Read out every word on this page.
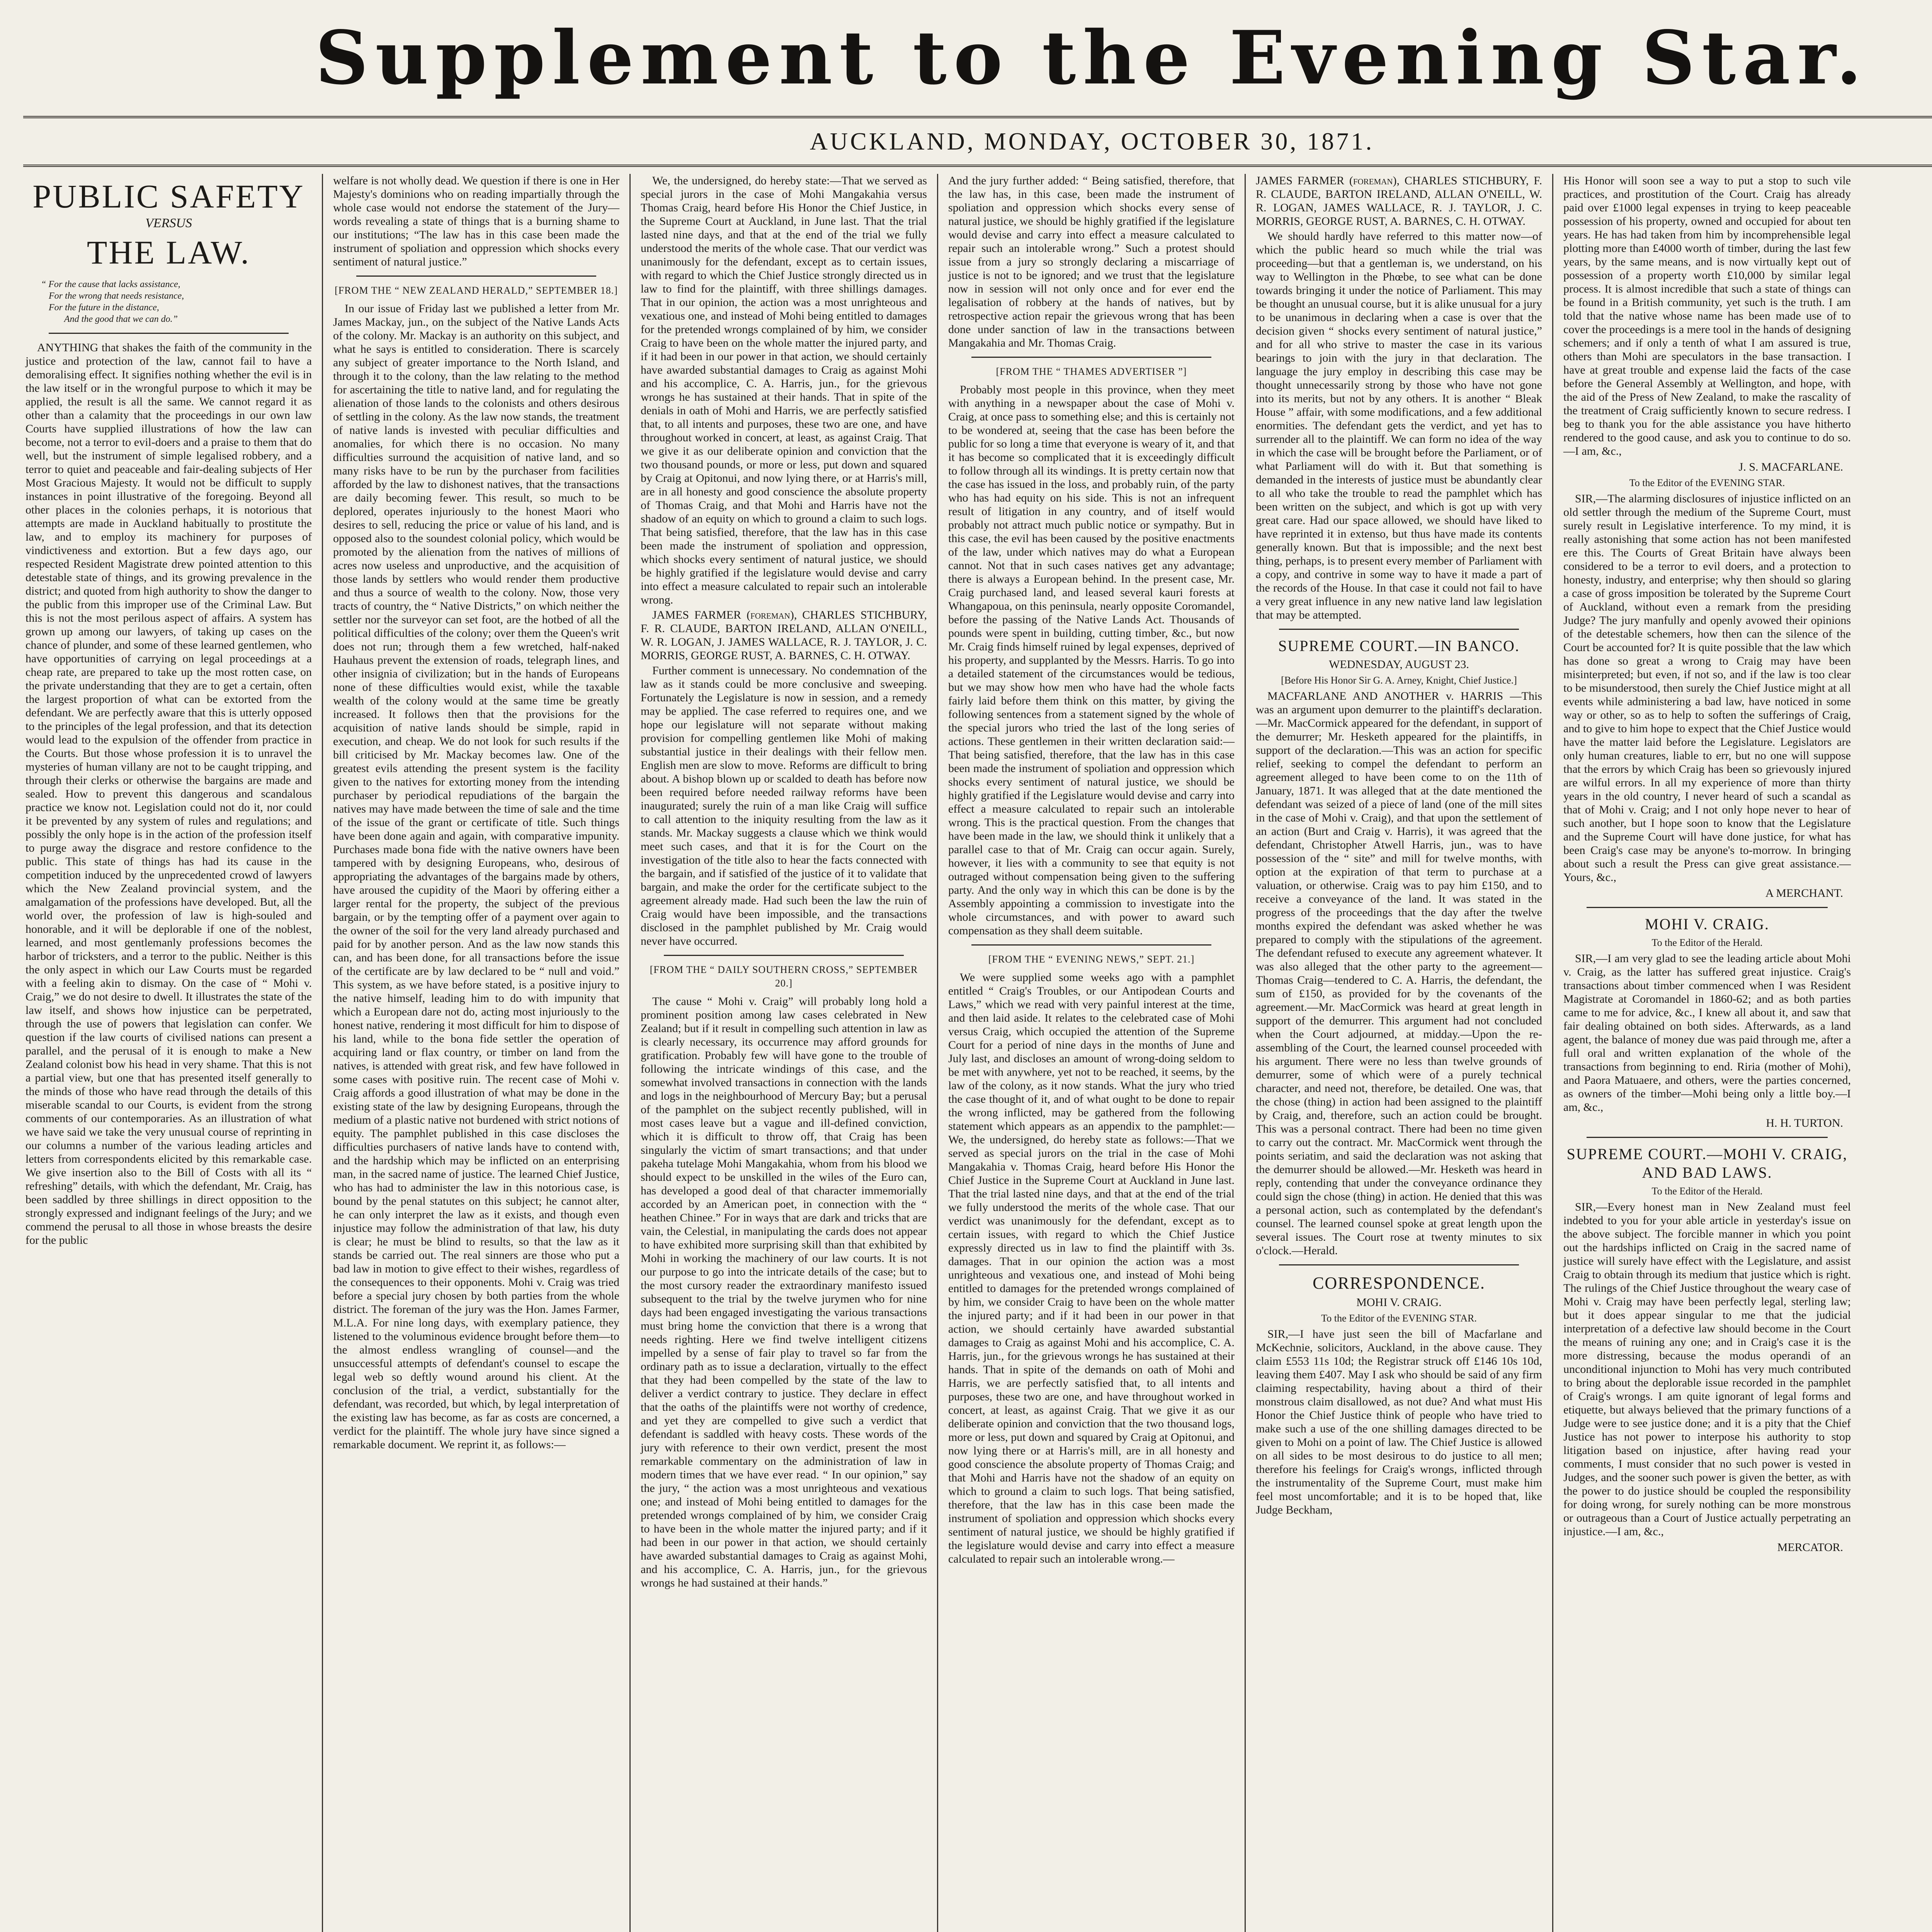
Supplement to the Evening Star.
AUCKLAND, MONDAY, OCTOBER 30, 1871.
PUBLIC SAFETY
VERSUS
THE LAW.
“ For the cause that lacks assistance,
For the wrong that needs resistance,
For the future in the distance,
And the good that we can do.”

ANYTHING that shakes the faith of the community in the justice and protection of the law, cannot fail to have a demoralising effect. It signifies nothing whether the evil is in the law itself or in the wrongful purpose to which it may be applied, the result is all the same. We cannot regard it as other than a calamity that the proceedings in our own law Courts have supplied illustrations of how the law can become, not a terror to evil-doers and a praise to them that do well, but the instrument of simple legalised robbery, and a terror to quiet and peaceable and fair-dealing subjects of Her Most Gracious Majesty. It would not be difficult to supply instances in point illustrative of the foregoing. Beyond all other places in the colonies perhaps, it is notorious that attempts are made in Auckland habitually to prostitute the law, and to employ its machinery for purposes of vindictiveness and extortion. But a few days ago, our respected Resident Magistrate drew pointed attention to this detestable state of things, and its growing prevalence in the district; and quoted from high authority to show the danger to the public from this improper use of the Criminal Law. But this is not the most perilous aspect of affairs. A system has grown up among our lawyers, of taking up cases on the chance of plunder, and some of these learned gentlemen, who have opportunities of carrying on legal proceedings at a cheap rate, are prepared to take up the most rotten case, on the private understanding that they are to get a certain, often the largest proportion of what can be extorted from the defendant. We are perfectly aware that this is utterly opposed to the principles of the legal profession, and that its detection would lead to the expulsion of the offender from practice in the Courts. But those whose profession it is to unravel the mysteries of human villany are not to be caught tripping, and through their clerks or otherwise the bargains are made and sealed. How to prevent this dangerous and scandalous practice we know not. Legislation could not do it, nor could it be prevented by any system of rules and regulations; and possibly the only hope is in the action of the profession itself to purge away the disgrace and restore confidence to the public. This state of things has had its cause in the competition induced by the unprecedented crowd of lawyers which the New Zealand provincial system, and the amalgamation of the professions have developed. But, all the world over, the profession of law is high-souled and honorable, and it will be deplorable if one of the noblest, learned, and most gentlemanly professions becomes the harbor of tricksters, and a terror to the public. Neither is this the only aspect in which our Law Courts must be regarded with a feeling akin to dismay. On the case of “ Mohi v. Craig,” we do not desire to dwell. It illustrates the state of the law itself, and shows how injustice can be perpetrated, through the use of powers that legislation can confer. We question if the law courts of civilised nations can present a parallel, and the perusal of it is enough to make a New Zealand colonist bow his head in very shame. That this is not a partial view, but one that has presented itself generally to the minds of those who have read through the details of this miserable scandal to our Courts, is evident from the strong comments of our contemporaries. As an illustration of what we have said we take the very unusual course of reprinting in our columns a number of the various leading articles and letters from correspondents elicited by this remarkable case. We give insertion also to the Bill of Costs with all its “ refreshing” details, with which the defendant, Mr. Craig, has been saddled by three shillings in direct opposition to the strongly expressed and indignant feelings of the Jury; and we commend the perusal to all those in whose breasts the desire for the public

welfare is not wholly dead. We question if there is one in Her Majesty's dominions who on reading impartially through the whole case would not endorse the statement of the Jury—words revealing a state of things that is a burning shame to our institutions; “The law has in this case been made the instrument of spoliation and oppression which shocks every sentiment of natural justice.”

[FROM THE “ NEW ZEALAND HERALD,” SEPTEMBER 18.]

In our issue of Friday last we published a letter from Mr. James Mackay, jun., on the subject of the Native Lands Acts of the colony. Mr. Mackay is an authority on this subject, and what he says is entitled to consideration. There is scarcely any subject of greater importance to the North Island, and through it to the colony, than the law relating to the method for ascertaining the title to native land, and for regulating the alienation of those lands to the colonists and others desirous of settling in the colony. As the law now stands, the treatment of native lands is invested with peculiar difficulties and anomalies, for which there is no occasion. No many difficulties surround the acquisition of native land, and so many risks have to be run by the purchaser from facilities afforded by the law to dishonest natives, that the transactions are daily becoming fewer. This result, so much to be deplored, operates injuriously to the honest Maori who desires to sell, reducing the price or value of his land, and is opposed also to the soundest colonial policy, which would be promoted by the alienation from the natives of millions of acres now useless and unproductive, and the acquisition of those lands by settlers who would render them productive and thus a source of wealth to the colony. Now, those very tracts of country, the “ Native Districts,” on which neither the settler nor the surveyor can set foot, are the hotbed of all the political difficulties of the colony; over them the Queen's writ does not run; through them a few wretched, half-naked Hauhaus prevent the extension of roads, telegraph lines, and other insignia of civilization; but in the hands of Europeans none of these difficulties would exist, while the taxable wealth of the colony would at the same time be greatly increased. It follows then that the provisions for the acquisition of native lands should be simple, rapid in execution, and cheap. We do not look for such results if the bill criticised by Mr. Mackay becomes law. One of the greatest evils attending the present system is the facility given to the natives for extorting money from the intending purchaser by periodical repudiations of the bargain the natives may have made between the time of sale and the time of the issue of the grant or certificate of title. Such things have been done again and again, with comparative impunity. Purchases made bona fide with the native owners have been tampered with by designing Europeans, who, desirous of appropriating the advantages of the bargains made by others, have aroused the cupidity of the Maori by offering either a larger rental for the property, the subject of the previous bargain, or by the tempting offer of a payment over again to the owner of the soil for the very land already purchased and paid for by another person. And as the law now stands this can, and has been done, for all transactions before the issue of the certificate are by law declared to be “ null and void.” This system, as we have before stated, is a positive injury to the native himself, leading him to do with impunity that which a European dare not do, acting most injuriously to the honest native, rendering it most difficult for him to dispose of his land, while to the bona fide settler the operation of acquiring land or flax country, or timber on land from the natives, is attended with great risk, and few have followed in some cases with positive ruin. The recent case of Mohi v. Craig affords a good illustration of what may be done in the existing state of the law by designing Europeans, through the medium of a plastic native not burdened with strict notions of equity. The pamphlet published in this case discloses the difficulties purchasers of native lands have to contend with, and the hardship which may be inflicted on an enterprising man, in the sacred name of justice. The learned Chief Justice, who has had to administer the law in this notorious case, is bound by the penal statutes on this subject; he cannot alter, he can only interpret the law as it exists, and though even injustice may follow the administration of that law, his duty is clear; he must be blind to results, so that the law as it stands be carried out. The real sinners are those who put a bad law in motion to give effect to their wishes, regardless of the consequences to their opponents. Mohi v. Craig was tried before a special jury chosen by both parties from the whole district. The foreman of the jury was the Hon. James Farmer, M.L.A. For nine long days, with exemplary patience, they listened to the voluminous evidence brought before them—to the almost endless wrangling of counsel—and the unsuccessful attempts of defendant's counsel to escape the legal web so deftly wound around his client. At the conclusion of the trial, a verdict, substantially for the defendant, was recorded, but which, by legal interpretation of the existing law has become, as far as costs are concerned, a verdict for the plaintiff. The whole jury have since signed a remarkable document. We reprint it, as follows:—

We, the undersigned, do hereby state:—That we served as special jurors in the case of Mohi Mangakahia versus Thomas Craig, heard before His Honor the Chief Justice, in the Supreme Court at Auckland, in June last. That the trial lasted nine days, and that at the end of the trial we fully understood the merits of the whole case. That our verdict was unanimously for the defendant, except as to certain issues, with regard to which the Chief Justice strongly directed us in law to find for the plaintiff, with three shillings damages. That in our opinion, the action was a most unrighteous and vexatious one, and instead of Mohi being entitled to damages for the pretended wrongs complained of by him, we consider Craig to have been on the whole matter the injured party, and if it had been in our power in that action, we should certainly have awarded substantial damages to Craig as against Mohi and his accomplice, C. A. Harris, jun., for the grievous wrongs he has sustained at their hands. That in spite of the denials in oath of Mohi and Harris, we are perfectly satisfied that, to all intents and purposes, these two are one, and have throughout worked in concert, at least, as against Craig. That we give it as our deliberate opinion and conviction that the two thousand pounds, or more or less, put down and squared by Craig at Opitonui, and now lying there, or at Harris's mill, are in all honesty and good conscience the absolute property of Thomas Craig, and that Mohi and Harris have not the shadow of an equity on which to ground a claim to such logs. That being satisfied, therefore, that the law has in this case been made the instrument of spoliation and oppression, which shocks every sentiment of natural justice, we should be highly gratified if the legislature would devise and carry into effect a measure calculated to repair such an intolerable wrong.

JAMES FARMER (foreman), CHARLES STICHBURY, F. R. CLAUDE, BARTON IRELAND, ALLAN O'NEILL, W. R. LOGAN, J. JAMES WALLACE, R. J. TAYLOR, J. C. MORRIS, GEORGE RUST, A. BARNES, C. H. OTWAY.

Further comment is unnecessary. No condemnation of the law as it stands could be more conclusive and sweeping. Fortunately the Legislature is now in session, and a remedy may be applied. The case referred to requires one, and we hope our legislature will not separate without making provision for compelling gentlemen like Mohi of making substantial justice in their dealings with their fellow men. English men are slow to move. Reforms are difficult to bring about. A bishop blown up or scalded to death has before now been required before needed railway reforms have been inaugurated; surely the ruin of a man like Craig will suffice to call attention to the iniquity resulting from the law as it stands. Mr. Mackay suggests a clause which we think would meet such cases, and that it is for the Court on the investigation of the title also to hear the facts connected with the bargain, and if satisfied of the justice of it to validate that bargain, and make the order for the certificate subject to the agreement already made. Had such been the law the ruin of Craig would have been impossible, and the transactions disclosed in the pamphlet published by Mr. Craig would never have occurred.

[FROM THE “ DAILY SOUTHERN CROSS,” SEPTEMBER 20.]

The cause “ Mohi v. Craig” will probably long hold a prominent position among law cases celebrated in New Zealand; but if it result in compelling such attention in law as is clearly necessary, its occurrence may afford grounds for gratification. Probably few will have gone to the trouble of following the intricate windings of this case, and the somewhat involved transactions in connection with the lands and logs in the neighbourhood of Mercury Bay; but a perusal of the pamphlet on the subject recently published, will in most cases leave but a vague and ill-defined conviction, which it is difficult to throw off, that Craig has been singularly the victim of smart transactions; and that under pakeha tutelage Mohi Mangakahia, whom from his blood we should expect to be unskilled in the wiles of the Euro can, has developed a good deal of that character immemorially accorded by an American poet, in connection with the “ heathen Chinee.” For in ways that are dark and tricks that are vain, the Celestial, in manipulating the cards does not appear to have exhibited more surprising skill than that exhibited by Mohi in working the machinery of our law courts. It is not our purpose to go into the intricate details of the case; but to the most cursory reader the extraordinary manifesto issued subsequent to the trial by the twelve jurymen who for nine days had been engaged investigating the various transactions must bring home the conviction that there is a wrong that needs righting. Here we find twelve intelligent citizens impelled by a sense of fair play to travel so far from the ordinary path as to issue a declaration, virtually to the effect that they had been compelled by the state of the law to deliver a verdict contrary to justice. They declare in effect that the oaths of the plaintiffs were not worthy of credence, and yet they are compelled to give such a verdict that defendant is saddled with heavy costs. These words of the jury with reference to their own verdict, present the most remarkable commentary on the administration of law in modern times that we have ever read. “ In our opinion,” say the jury, “ the action was a most unrighteous and vexatious one; and instead of Mohi being entitled to damages for the pretended wrongs complained of by him, we consider Craig to have been in the whole matter the injured party; and if it had been in our power in that action, we should certainly have awarded substantial damages to Craig as against Mohi, and his accomplice, C. A. Harris, jun., for the grievous wrongs he had sustained at their hands.”

And the jury further added: “ Being satisfied, therefore, that the law has, in this case, been made the instrument of spoliation and oppression which shocks every sense of natural justice, we should be highly gratified if the legislature would devise and carry into effect a measure calculated to repair such an intolerable wrong.” Such a protest should issue from a jury so strongly declaring a miscarriage of justice is not to be ignored; and we trust that the legislature now in session will not only once and for ever end the legalisation of robbery at the hands of natives, but by retrospective action repair the grievous wrong that has been done under sanction of law in the transactions between Mangakahia and Mr. Thomas Craig.

[FROM THE “ THAMES ADVERTISER ”]

Probably most people in this province, when they meet with anything in a newspaper about the case of Mohi v. Craig, at once pass to something else; and this is certainly not to be wondered at, seeing that the case has been before the public for so long a time that everyone is weary of it, and that it has become so complicated that it is exceedingly difficult to follow through all its windings. It is pretty certain now that the case has issued in the loss, and probably ruin, of the party who has had equity on his side. This is not an infrequent result of litigation in any country, and of itself would probably not attract much public notice or sympathy. But in this case, the evil has been caused by the positive enactments of the law, under which natives may do what a European cannot. Not that in such cases natives get any advantage; there is always a European behind. In the present case, Mr. Craig purchased land, and leased several kauri forests at Whangapoua, on this peninsula, nearly opposite Coromandel, before the passing of the Native Lands Act. Thousands of pounds were spent in building, cutting timber, &c., but now Mr. Craig finds himself ruined by legal expenses, deprived of his property, and supplanted by the Messrs. Harris. To go into a detailed statement of the circumstances would be tedious, but we may show how men who have had the whole facts fairly laid before them think on this matter, by giving the following sentences from a statement signed by the whole of the special jurors who tried the last of the long series of actions. These gentlemen in their written declaration said:— That being satisfied, therefore, that the law has in this case been made the instrument of spoliation and oppression which shocks every sentiment of natural justice, we should be highly gratified if the Legislature would devise and carry into effect a measure calculated to repair such an intolerable wrong. This is the practical question. From the changes that have been made in the law, we should think it unlikely that a parallel case to that of Mr. Craig can occur again. Surely, however, it lies with a community to see that equity is not outraged without compensation being given to the suffering party. And the only way in which this can be done is by the Assembly appointing a commission to investigate into the whole circumstances, and with power to award such compensation as they shall deem suitable.

[FROM THE “ EVENING NEWS,” SEPT. 21.]

We were supplied some weeks ago with a pamphlet entitled “ Craig's Troubles, or our Antipodean Courts and Laws,” which we read with very painful interest at the time, and then laid aside. It relates to the celebrated case of Mohi versus Craig, which occupied the attention of the Supreme Court for a period of nine days in the months of June and July last, and discloses an amount of wrong-doing seldom to be met with anywhere, yet not to be reached, it seems, by the law of the colony, as it now stands. What the jury who tried the case thought of it, and of what ought to be done to repair the wrong inflicted, may be gathered from the following statement which appears as an appendix to the pamphlet:— We, the undersigned, do hereby state as follows:—That we served as special jurors on the trial in the case of Mohi Mangakahia v. Thomas Craig, heard before His Honor the Chief Justice in the Supreme Court at Auckland in June last. That the trial lasted nine days, and that at the end of the trial we fully understood the merits of the whole case. That our verdict was unanimously for the defendant, except as to certain issues, with regard to which the Chief Justice expressly directed us in law to find the plaintiff with 3s. damages. That in our opinion the action was a most unrighteous and vexatious one, and instead of Mohi being entitled to damages for the pretended wrongs complained of by him, we consider Craig to have been on the whole matter the injured party; and if it had been in our power in that action, we should certainly have awarded substantial damages to Craig as against Mohi and his accomplice, C. A. Harris, jun., for the grievous wrongs he has sustained at their hands. That in spite of the demands on oath of Mohi and Harris, we are perfectly satisfied that, to all intents and purposes, these two are one, and have throughout worked in concert, at least, as against Craig. That we give it as our deliberate opinion and conviction that the two thousand logs, more or less, put down and squared by Craig at Opitonui, and now lying there or at Harris's mill, are in all honesty and good conscience the absolute property of Thomas Craig; and that Mohi and Harris have not the shadow of an equity on which to ground a claim to such logs. That being satisfied, therefore, that the law has in this case been made the instrument of spoliation and oppression which shocks every sentiment of natural justice, we should be highly gratified if the legislature would devise and carry into effect a measure calculated to repair such an intolerable wrong.—

JAMES FARMER (foreman), CHARLES STICHBURY, F. R. CLAUDE, BARTON IRELAND, ALLAN O'NEILL, W. R. LOGAN, JAMES WALLACE, R. J. TAYLOR, J. C. MORRIS, GEORGE RUST, A. BARNES, C. H. OTWAY.

We should hardly have referred to this matter now—of which the public heard so much while the trial was proceeding—but that a gentleman is, we understand, on his way to Wellington in the Phœbe, to see what can be done towards bringing it under the notice of Parliament. This may be thought an unusual course, but it is alike unusual for a jury to be unanimous in declaring when a case is over that the decision given “ shocks every sentiment of natural justice,” and for all who strive to master the case in its various bearings to join with the jury in that declaration. The language the jury employ in describing this case may be thought unnecessarily strong by those who have not gone into its merits, but not by any others. It is another “ Bleak House ” affair, with some modifications, and a few additional enormities. The defendant gets the verdict, and yet has to surrender all to the plaintiff. We can form no idea of the way in which the case will be brought before the Parliament, or of what Parliament will do with it. But that something is demanded in the interests of justice must be abundantly clear to all who take the trouble to read the pamphlet which has been written on the subject, and which is got up with very great care. Had our space allowed, we should have liked to have reprinted it in extenso, but thus have made its contents generally known. But that is impossible; and the next best thing, perhaps, is to present every member of Parliament with a copy, and contrive in some way to have it made a part of the records of the House. In that case it could not fail to have a very great influence in any new native land law legislation that may be attempted.

SUPREME COURT.—IN BANCO.
WEDNESDAY, AUGUST 23.
[Before His Honor Sir G. A. Arney, Knight, Chief Justice.]

MACFARLANE AND ANOTHER v. HARRIS —This was an argument upon demurrer to the plaintiff's declaration.—Mr. MacCormick appeared for the defendant, in support of the demurrer; Mr. Hesketh appeared for the plaintiffs, in support of the declaration.—This was an action for specific relief, seeking to compel the defendant to perform an agreement alleged to have been come to on the 11th of January, 1871. It was alleged that at the date mentioned the defendant was seized of a piece of land (one of the mill sites in the case of Mohi v. Craig), and that upon the settlement of an action (Burt and Craig v. Harris), it was agreed that the defendant, Christopher Atwell Harris, jun., was to have possession of the “ site” and mill for twelve months, with option at the expiration of that term to purchase at a valuation, or otherwise. Craig was to pay him £150, and to receive a conveyance of the land. It was stated in the progress of the proceedings that the day after the twelve months expired the defendant was asked whether he was prepared to comply with the stipulations of the agreement. The defendant refused to execute any agreement whatever. It was also alleged that the other party to the agreement—Thomas Craig—tendered to C. A. Harris, the defendant, the sum of £150, as provided for by the covenants of the agreement.—Mr. MacCormick was heard at great length in support of the demurrer. This argument had not concluded when the Court adjourned, at midday.—Upon the re-assembling of the Court, the learned counsel proceeded with his argument. There were no less than twelve grounds of demurrer, some of which were of a purely technical character, and need not, therefore, be detailed. One was, that the chose (thing) in action had been assigned to the plaintiff by Craig, and, therefore, such an action could be brought. This was a personal contract. There had been no time given to carry out the contract. Mr. MacCormick went through the points seriatim, and said the declaration was not asking that the demurrer should be allowed.—Mr. Hesketh was heard in reply, contending that under the conveyance ordinance they could sign the chose (thing) in action. He denied that this was a personal action, such as contemplated by the defendant's counsel. The learned counsel spoke at great length upon the several issues. The Court rose at twenty minutes to six o'clock.—Herald.

CORRESPONDENCE.
MOHI V. CRAIG.
To the Editor of the EVENING STAR.

SIR,—I have just seen the bill of Macfarlane and McKechnie, solicitors, Auckland, in the above cause. They claim £553 11s 10d; the Registrar struck off £146 10s 10d, leaving them £407. May I ask who should be said of any firm claiming respectability, having about a third of their monstrous claim disallowed, as not due? And what must His Honor the Chief Justice think of people who have tried to make such a use of the one shilling damages directed to be given to Mohi on a point of law. The Chief Justice is allowed on all sides to be most desirous to do justice to all men; therefore his feelings for Craig's wrongs, inflicted through the instrumentality of the Supreme Court, must make him feel most uncomfortable; and it is to be hoped that, like Judge Beckham,

His Honor will soon see a way to put a stop to such vile practices, and prostitution of the Court. Craig has already paid over £1000 legal expenses in trying to keep peaceable possession of his property, owned and occupied for about ten years. He has had taken from him by incomprehensible legal plotting more than £4000 worth of timber, during the last few years, by the same means, and is now virtually kept out of possession of a property worth £10,000 by similar legal process. It is almost incredible that such a state of things can be found in a British community, yet such is the truth. I am told that the native whose name has been made use of to cover the proceedings is a mere tool in the hands of designing schemers; and if only a tenth of what I am assured is true, others than Mohi are speculators in the base transaction. I have at great trouble and expense laid the facts of the case before the General Assembly at Wellington, and hope, with the aid of the Press of New Zealand, to make the rascality of the treatment of Craig sufficiently known to secure redress. I beg to thank you for the able assistance you have hitherto rendered to the good cause, and ask you to continue to do so.—I am, &c.,

J. S. MACFARLANE.
To the Editor of the EVENING STAR.

SIR,—The alarming disclosures of injustice inflicted on an old settler through the medium of the Supreme Court, must surely result in Legislative interference. To my mind, it is really astonishing that some action has not been manifested ere this. The Courts of Great Britain have always been considered to be a terror to evil doers, and a protection to honesty, industry, and enterprise; why then should so glaring a case of gross imposition be tolerated by the Supreme Court of Auckland, without even a remark from the presiding Judge? The jury manfully and openly avowed their opinions of the detestable schemers, how then can the silence of the Court be accounted for? It is quite possible that the law which has done so great a wrong to Craig may have been misinterpreted; but even, if not so, and if the law is too clear to be misunderstood, then surely the Chief Justice might at all events while administering a bad law, have noticed in some way or other, so as to help to soften the sufferings of Craig, and to give to him hope to expect that the Chief Justice would have the matter laid before the Legislature. Legislators are only human creatures, liable to err, but no one will suppose that the errors by which Craig has been so grievously injured are wilful errors. In all my experience of more than thirty years in the old country, I never heard of such a scandal as that of Mohi v. Craig; and I not only hope never to hear of such another, but I hope soon to know that the Legislature and the Supreme Court will have done justice, for what has been Craig's case may be anyone's to-morrow. In bringing about such a result the Press can give great assistance.—Yours, &c.,

A MERCHANT.
MOHI V. CRAIG.
To the Editor of the Herald.

SIR,—I am very glad to see the leading article about Mohi v. Craig, as the latter has suffered great injustice. Craig's transactions about timber commenced when I was Resident Magistrate at Coromandel in 1860-62; and as both parties came to me for advice, &c., I knew all about it, and saw that fair dealing obtained on both sides. Afterwards, as a land agent, the balance of money due was paid through me, after a full oral and written explanation of the whole of the transactions from beginning to end. Riria (mother of Mohi), and Paora Matuaere, and others, were the parties concerned, as owners of the timber—Mohi being only a little boy.—I am, &c.,

H. H. TURTON.
SUPREME COURT.—MOHI V. CRAIG, AND BAD LAWS.
To the Editor of the Herald.

SIR,—Every honest man in New Zealand must feel indebted to you for your able article in yesterday's issue on the above subject. The forcible manner in which you point out the hardships inflicted on Craig in the sacred name of justice will surely have effect with the Legislature, and assist Craig to obtain through its medium that justice which is right. The rulings of the Chief Justice throughout the weary case of Mohi v. Craig may have been perfectly legal, sterling law; but it does appear singular to me that the judicial interpretation of a defective law should become in the Court the means of ruining any one; and in Craig's case it is the more distressing, because the modus operandi of an unconditional injunction to Mohi has very much contributed to bring about the deplorable issue recorded in the pamphlet of Craig's wrongs. I am quite ignorant of legal forms and etiquette, but always believed that the primary functions of a Judge were to see justice done; and it is a pity that the Chief Justice has not power to interpose his authority to stop litigation based on injustice, after having read your comments, I must consider that no such power is vested in Judges, and the sooner such power is given the better, as with the power to do justice should be coupled the responsibility for doing wrong, for surely nothing can be more monstrous or outrageous than a Court of Justice actually perpetrating an injustice.—I am, &c.,

MERCATOR.
